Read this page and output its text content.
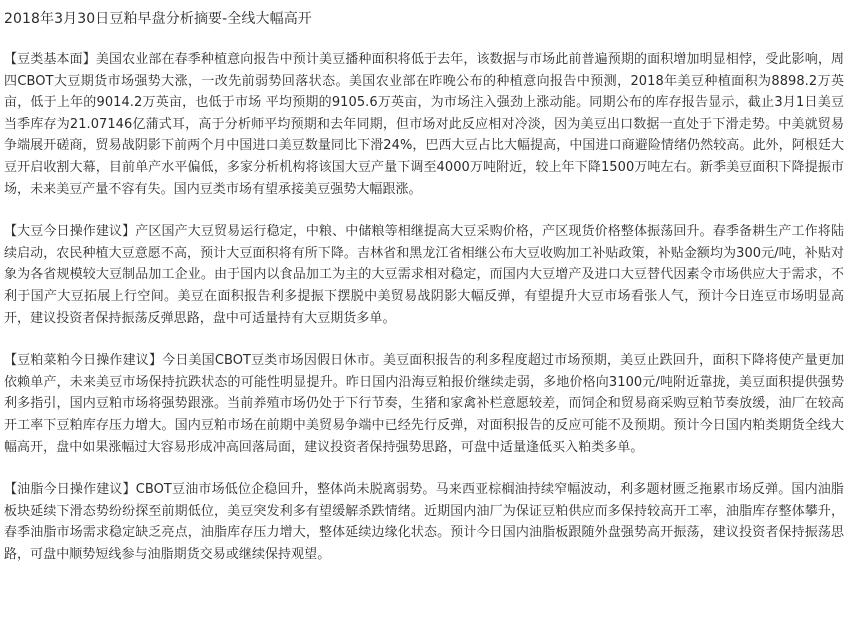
2018年3月30日豆粕早盘分析摘要-全线大幅高开
【豆类基本面】美国农业部在春季种植意向报告中预计美豆播种面积将低于去年，该数据与市场此前普遍预期的面积增加明显相悖，受此影响，周四CBOT大豆期货市场强势大涨，一改先前弱势回落状态。美国农业部在昨晚公布的种植意向报告中预测，2018年美豆种植面积为8898.2万英亩，低于上年的9014.2万英亩，也低于市场 平均预期的9105.6万英亩，为市场注入强劲上涨动能。同期公布的库存报告显示，截止3月1日美豆当季库存为21.07146亿蒲式耳，高于分析师平均预期和去年同期，但市场对此反应相对冷淡，因为美豆出口数据一直处于下滑走势。中美就贸易争端展开磋商，贸易战阴影下前两个月中国进口美豆数量同比下滑24%，巴西大豆占比大幅提高，中国进口商避险情绪仍然较高。此外，阿根廷大豆开启收割大幕，目前单产水平偏低，多家分析机构将该国大豆产量下调至4000万吨附近，较上年下降1500万吨左右。新季美豆面积下降提振市场，未来美豆产量不容有失。国内豆类市场有望承接美豆强势大幅跟涨。
【大豆今日操作建议】产区国产大豆贸易运行稳定，中粮、中储粮等相继提高大豆采购价格，产区现货价格整体振荡回升。春季备耕生产工作将陆续启动，农民种植大豆意愿不高，预计大豆面积将有所下降。吉林省和黑龙江省相继公布大豆收购加工补贴政策，补贴金额均为300元/吨，补贴对象为各省规模较大豆制品加工企业。由于国内以食品加工为主的大豆需求相对稳定，而国内大豆增产及进口大豆替代因素令市场供应大于需求，不利于国产大豆拓展上行空间。美豆在面积报告利多提振下摆脱中美贸易战阴影大幅反弹，有望提升大豆市场看张人气，预计今日连豆市场明显高开，建议投资者保持振荡反弹思路，盘中可适量持有大豆期货多单。
【豆粕菜粕今日操作建议】今日美国CBOT豆类市场因假日休市。美豆面积报告的利多程度超过市场预期，美豆止跌回升，面积下降将使产量更加依赖单产，未来美豆市场保持抗跌状态的可能性明显提升。昨日国内沿海豆粕报价继续走弱，多地价格向3100元/吨附近靠拢，美豆面积提供强势利多指引，国内豆粕市场将强势跟涨。当前养殖市场仍处于下行节奏，生猪和家禽补栏意愿较差，而饲企和贸易商采购豆粕节奏放缓，油厂在较高开工率下豆粕库存压力增大。国内豆粕市场在前期中美贸易争端中已经先行反弹，对面积报告的反应可能不及预期。预计今日国内粕类期货全线大幅高开，盘中如果涨幅过大容易形成冲高回落局面，建议投资者保持强势思路，可盘中适量逢低买入粕类多单。
【油脂今日操作建议】CBOT豆油市场低位企稳回升，整体尚未脱离弱势。马来西亚棕榈油持续窄幅波动，利多题材匮乏拖累市场反弹。国内油脂板块延续下滑态势纷纷探至前期低位，美豆突发利多有望缓解杀跌情绪。近期国内油厂为保证豆粕供应而多保持较高开工率，油脂库存整体攀升，春季油脂市场需求稳定缺乏亮点，油脂库存压力增大，整体延续边缘化状态。预计今日国内油脂板跟随外盘强势高开振荡，建议投资者保持振荡思路，可盘中顺势短线参与油脂期货交易或继续保持观望。
